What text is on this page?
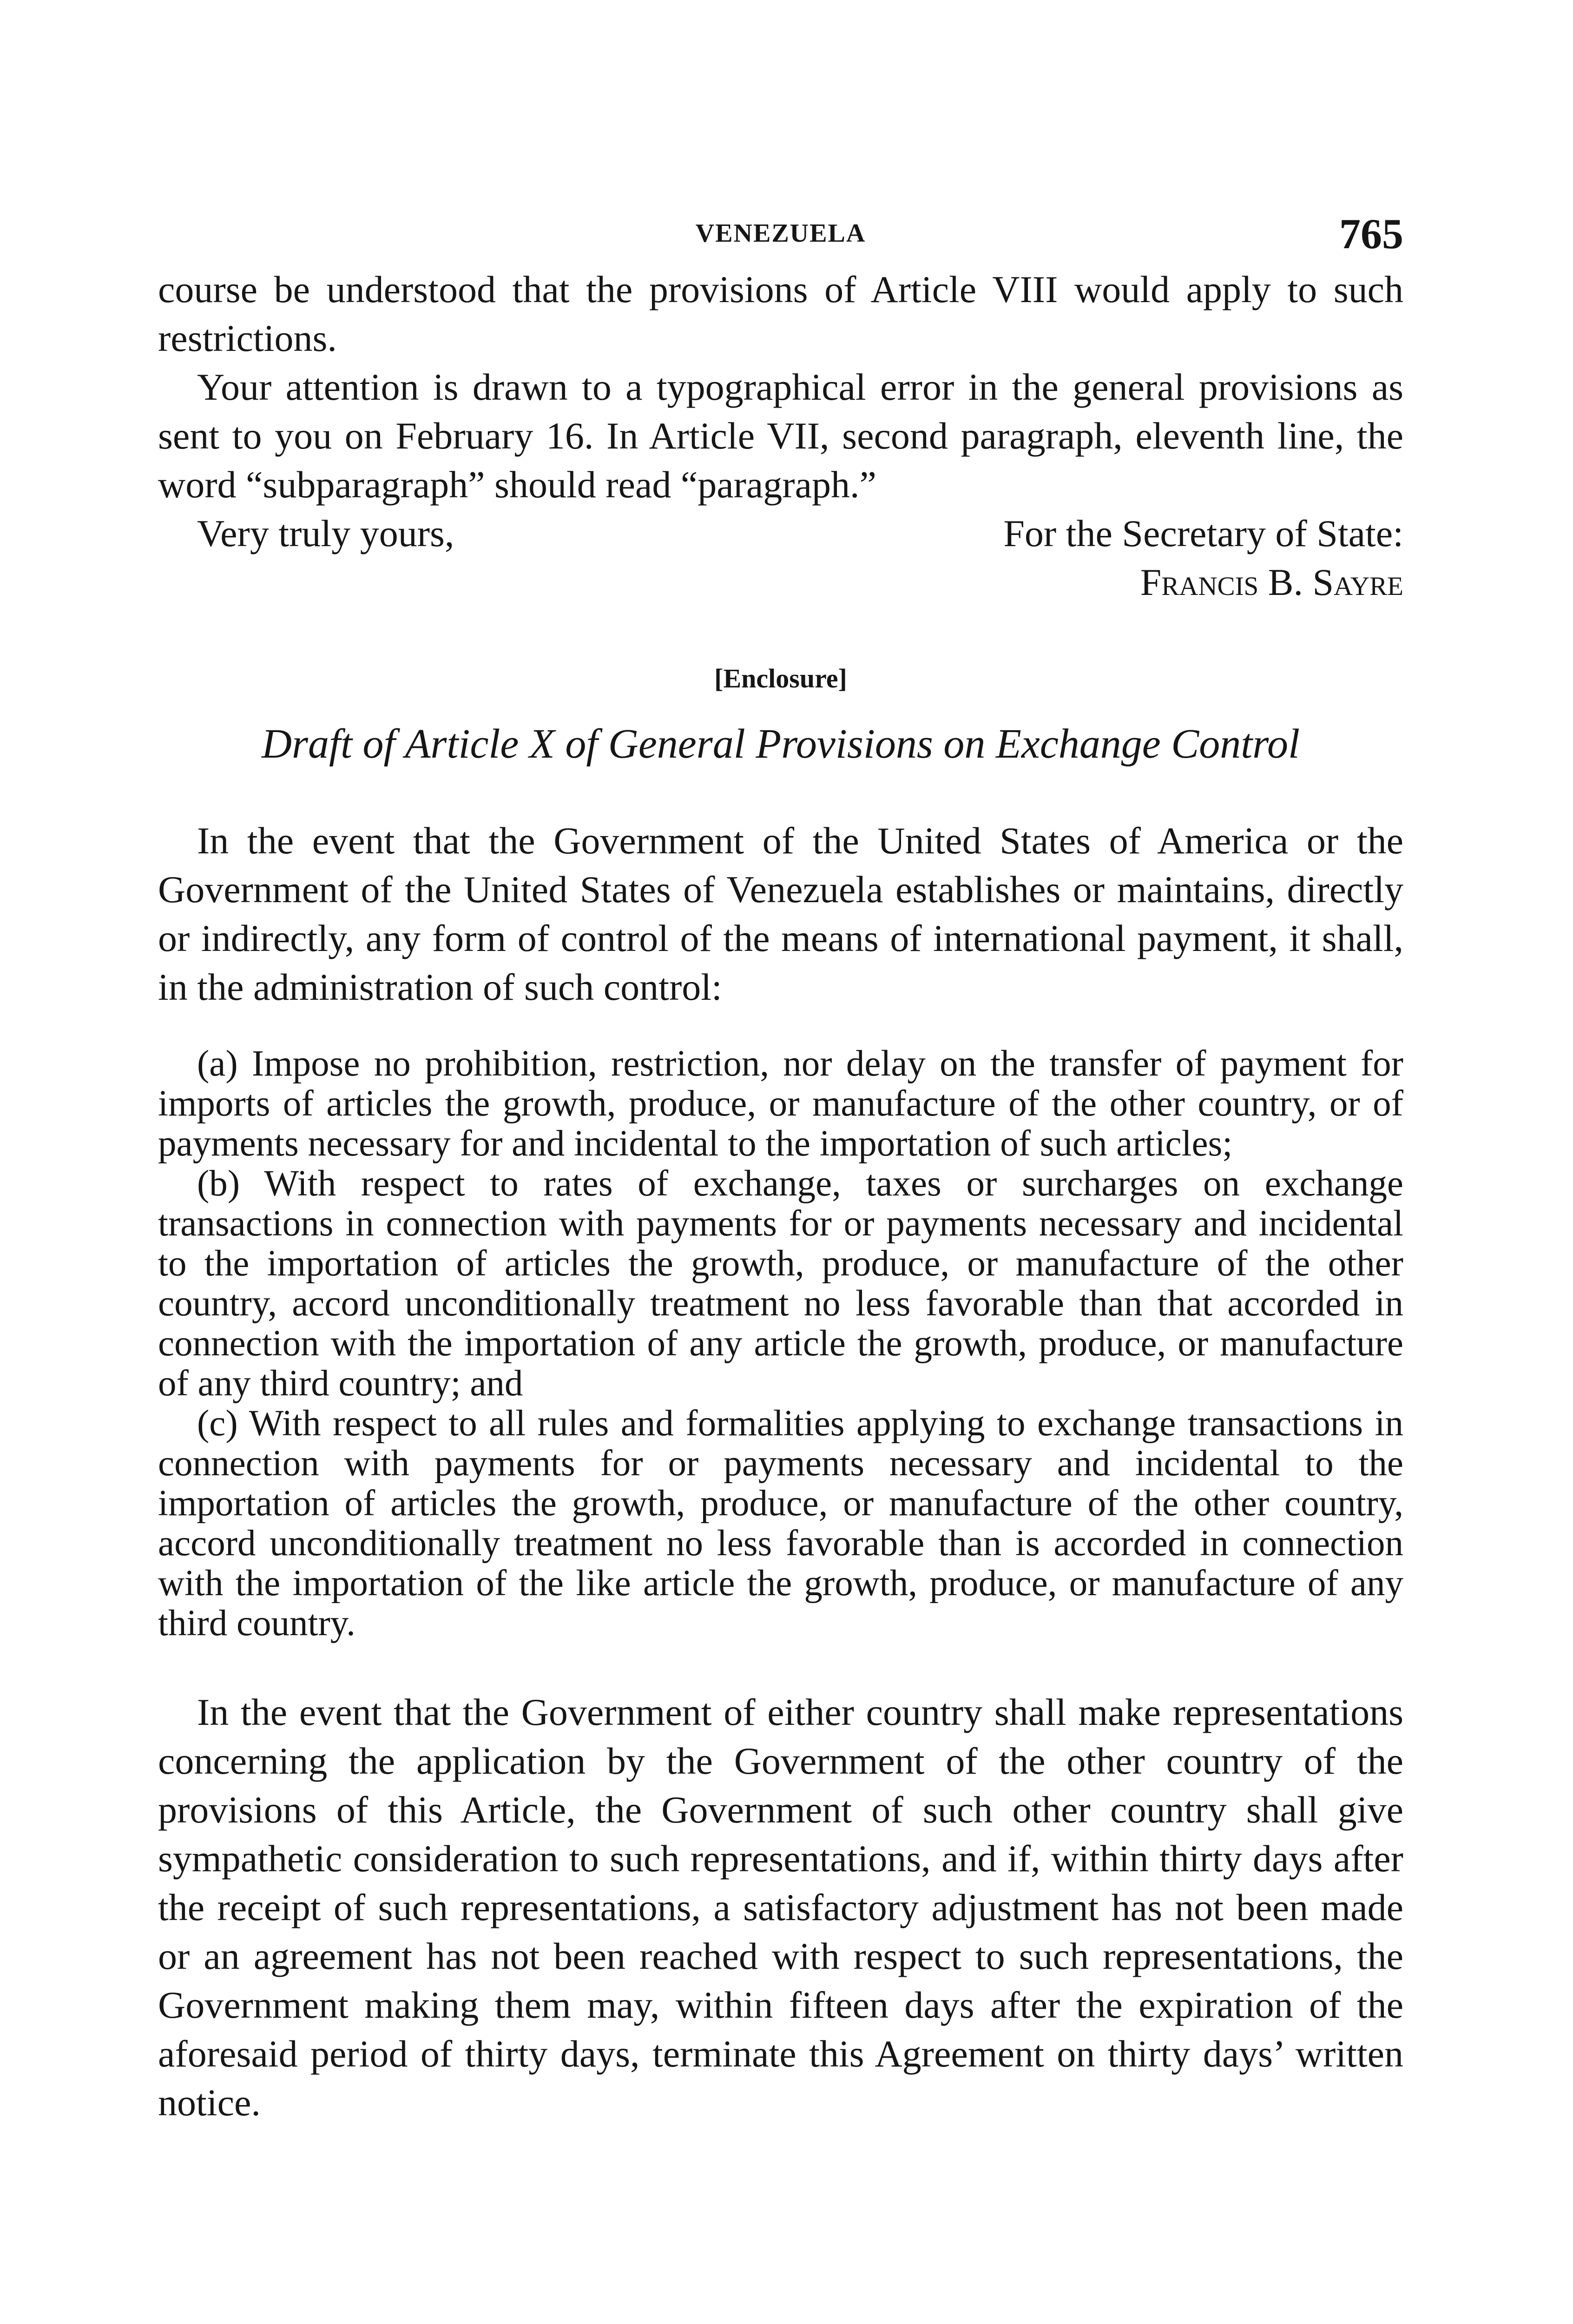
VENEZUELA	765

course be understood that the provisions of Article VIII would apply to such restrictions.

Your attention is drawn to a typographical error in the general provisions as sent to you on February 16. In Article VII, second paragraph, eleventh line, the word “subparagraph” should read “paragraph.”

Very truly yours,	For the Secretary of State:
Francis B. Sayre
[Enclosure]
Draft of Article X of General Provisions on Exchange Control

In the event that the Government of the United States of America or the Government of the United States of Venezuela establishes or maintains, directly or indirectly, any form of control of the means of international payment, it shall, in the administration of such control:

(a) Impose no prohibition, restriction, nor delay on the transfer of payment for imports of articles the growth, produce, or manufacture of the other country, or of payments necessary for and incidental to the importation of such articles;

(b) With respect to rates of exchange, taxes or surcharges on exchange transactions in connection with payments for or payments necessary and incidental to the importation of articles the growth, produce, or manufacture of the other country, accord unconditionally treatment no less favorable than that accorded in connection with the importation of any article the growth, produce, or manufacture of any third country; and

(c) With respect to all rules and formalities applying to exchange transactions in connection with payments for or payments necessary and incidental to the importation of articles the growth, produce, or manufacture of the other country, accord unconditionally treatment no less favorable than is accorded in connection with the importation of the like article the growth, produce, or manufacture of any third country.

In the event that the Government of either country shall make representations concerning the application by the Government of the other country of the provisions of this Article, the Government of such other country shall give sympathetic consideration to such representations, and if, within thirty days after the receipt of such representations, a satisfactory adjustment has not been made or an agreement has not been reached with respect to such representations, the Government making them may, within fifteen days after the expiration of the aforesaid period of thirty days, terminate this Agreement on thirty days’ written notice.
